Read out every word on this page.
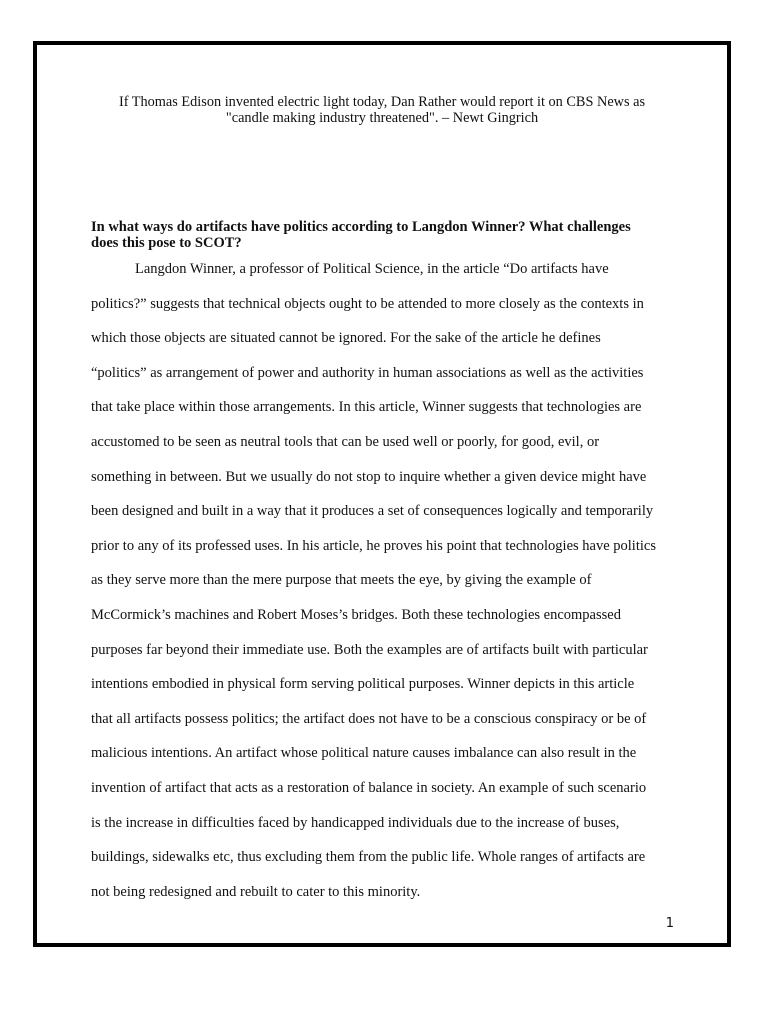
If Thomas Edison invented electric light today, Dan Rather would report it on CBS News as
"candle making industry threatened". – Newt Gingrich
In what ways do artifacts have politics according to Langdon Winner? What challenges
does this pose to SCOT?
Langdon Winner, a professor of Political Science, in the article “Do artifacts have
politics?” suggests that technical objects ought to be attended to more closely as the contexts in
which those objects are situated cannot be ignored. For the sake of the article he defines
“politics” as arrangement of power and authority in human associations as well as the activities
that take place within those arrangements. In this article, Winner suggests that technologies are
accustomed to be seen as neutral tools that can be used well or poorly, for good, evil, or
something in between. But we usually do not stop to inquire whether a given device might have
been designed and built in a way that it produces a set of consequences logically and temporarily
prior to any of its professed uses. In his article, he proves his point that technologies have politics
as they serve more than the mere purpose that meets the eye, by giving the example of
McCormick’s machines and Robert Moses’s bridges. Both these technologies encompassed
purposes far beyond their immediate use. Both the examples are of artifacts built with particular
intentions embodied in physical form serving political purposes. Winner depicts in this article
that all artifacts possess politics; the artifact does not have to be a conscious conspiracy or be of
malicious intentions. An artifact whose political nature causes imbalance can also result in the
invention of artifact that acts as a restoration of balance in society. An example of such scenario
is the increase in difficulties faced by handicapped individuals due to the increase of buses,
buildings, sidewalks etc, thus excluding them from the public life. Whole ranges of artifacts are
not being redesigned and rebuilt to cater to this minority.
1
